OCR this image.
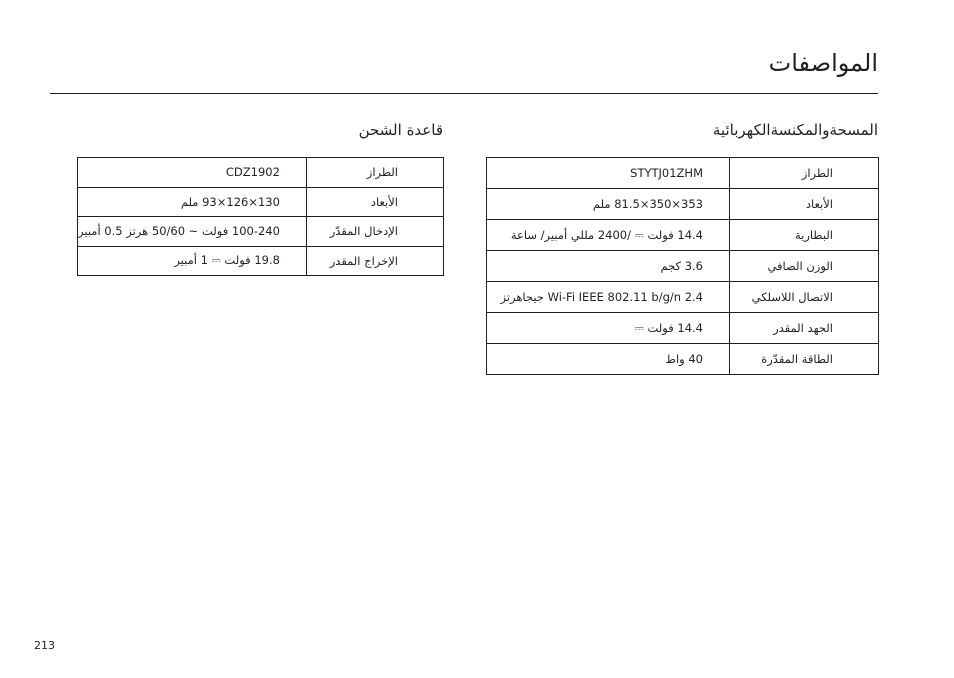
المواصفات
المسحةوالمكنسةالكهربائية
الطراز	STYTJ01ZHM
الأبعاد	353×350×81.5 ملم
البطارية	14.4 فولت ⎓ /2400 مللي أمبير/ ساعة
الوزن الصافي	3.6 كجم
الاتصال اللاسلكي	Wi-Fi IEEE 802.11 b/g/n 2.4 جيجاهرتز
الجهد المقدر	14.4 فولت ⎓
الطاقة المقدّرة	40 واط
قاعدة الشحن
الطراز	CDZ1902
الأبعاد	130×126×93 ملم
الإدخال المقدّر	100-240 فولت ~ 50/60 هرتز 0.5 أمبير
الإخراج المقدر	19.8 فولت ⎓ 1 أمبير
213
